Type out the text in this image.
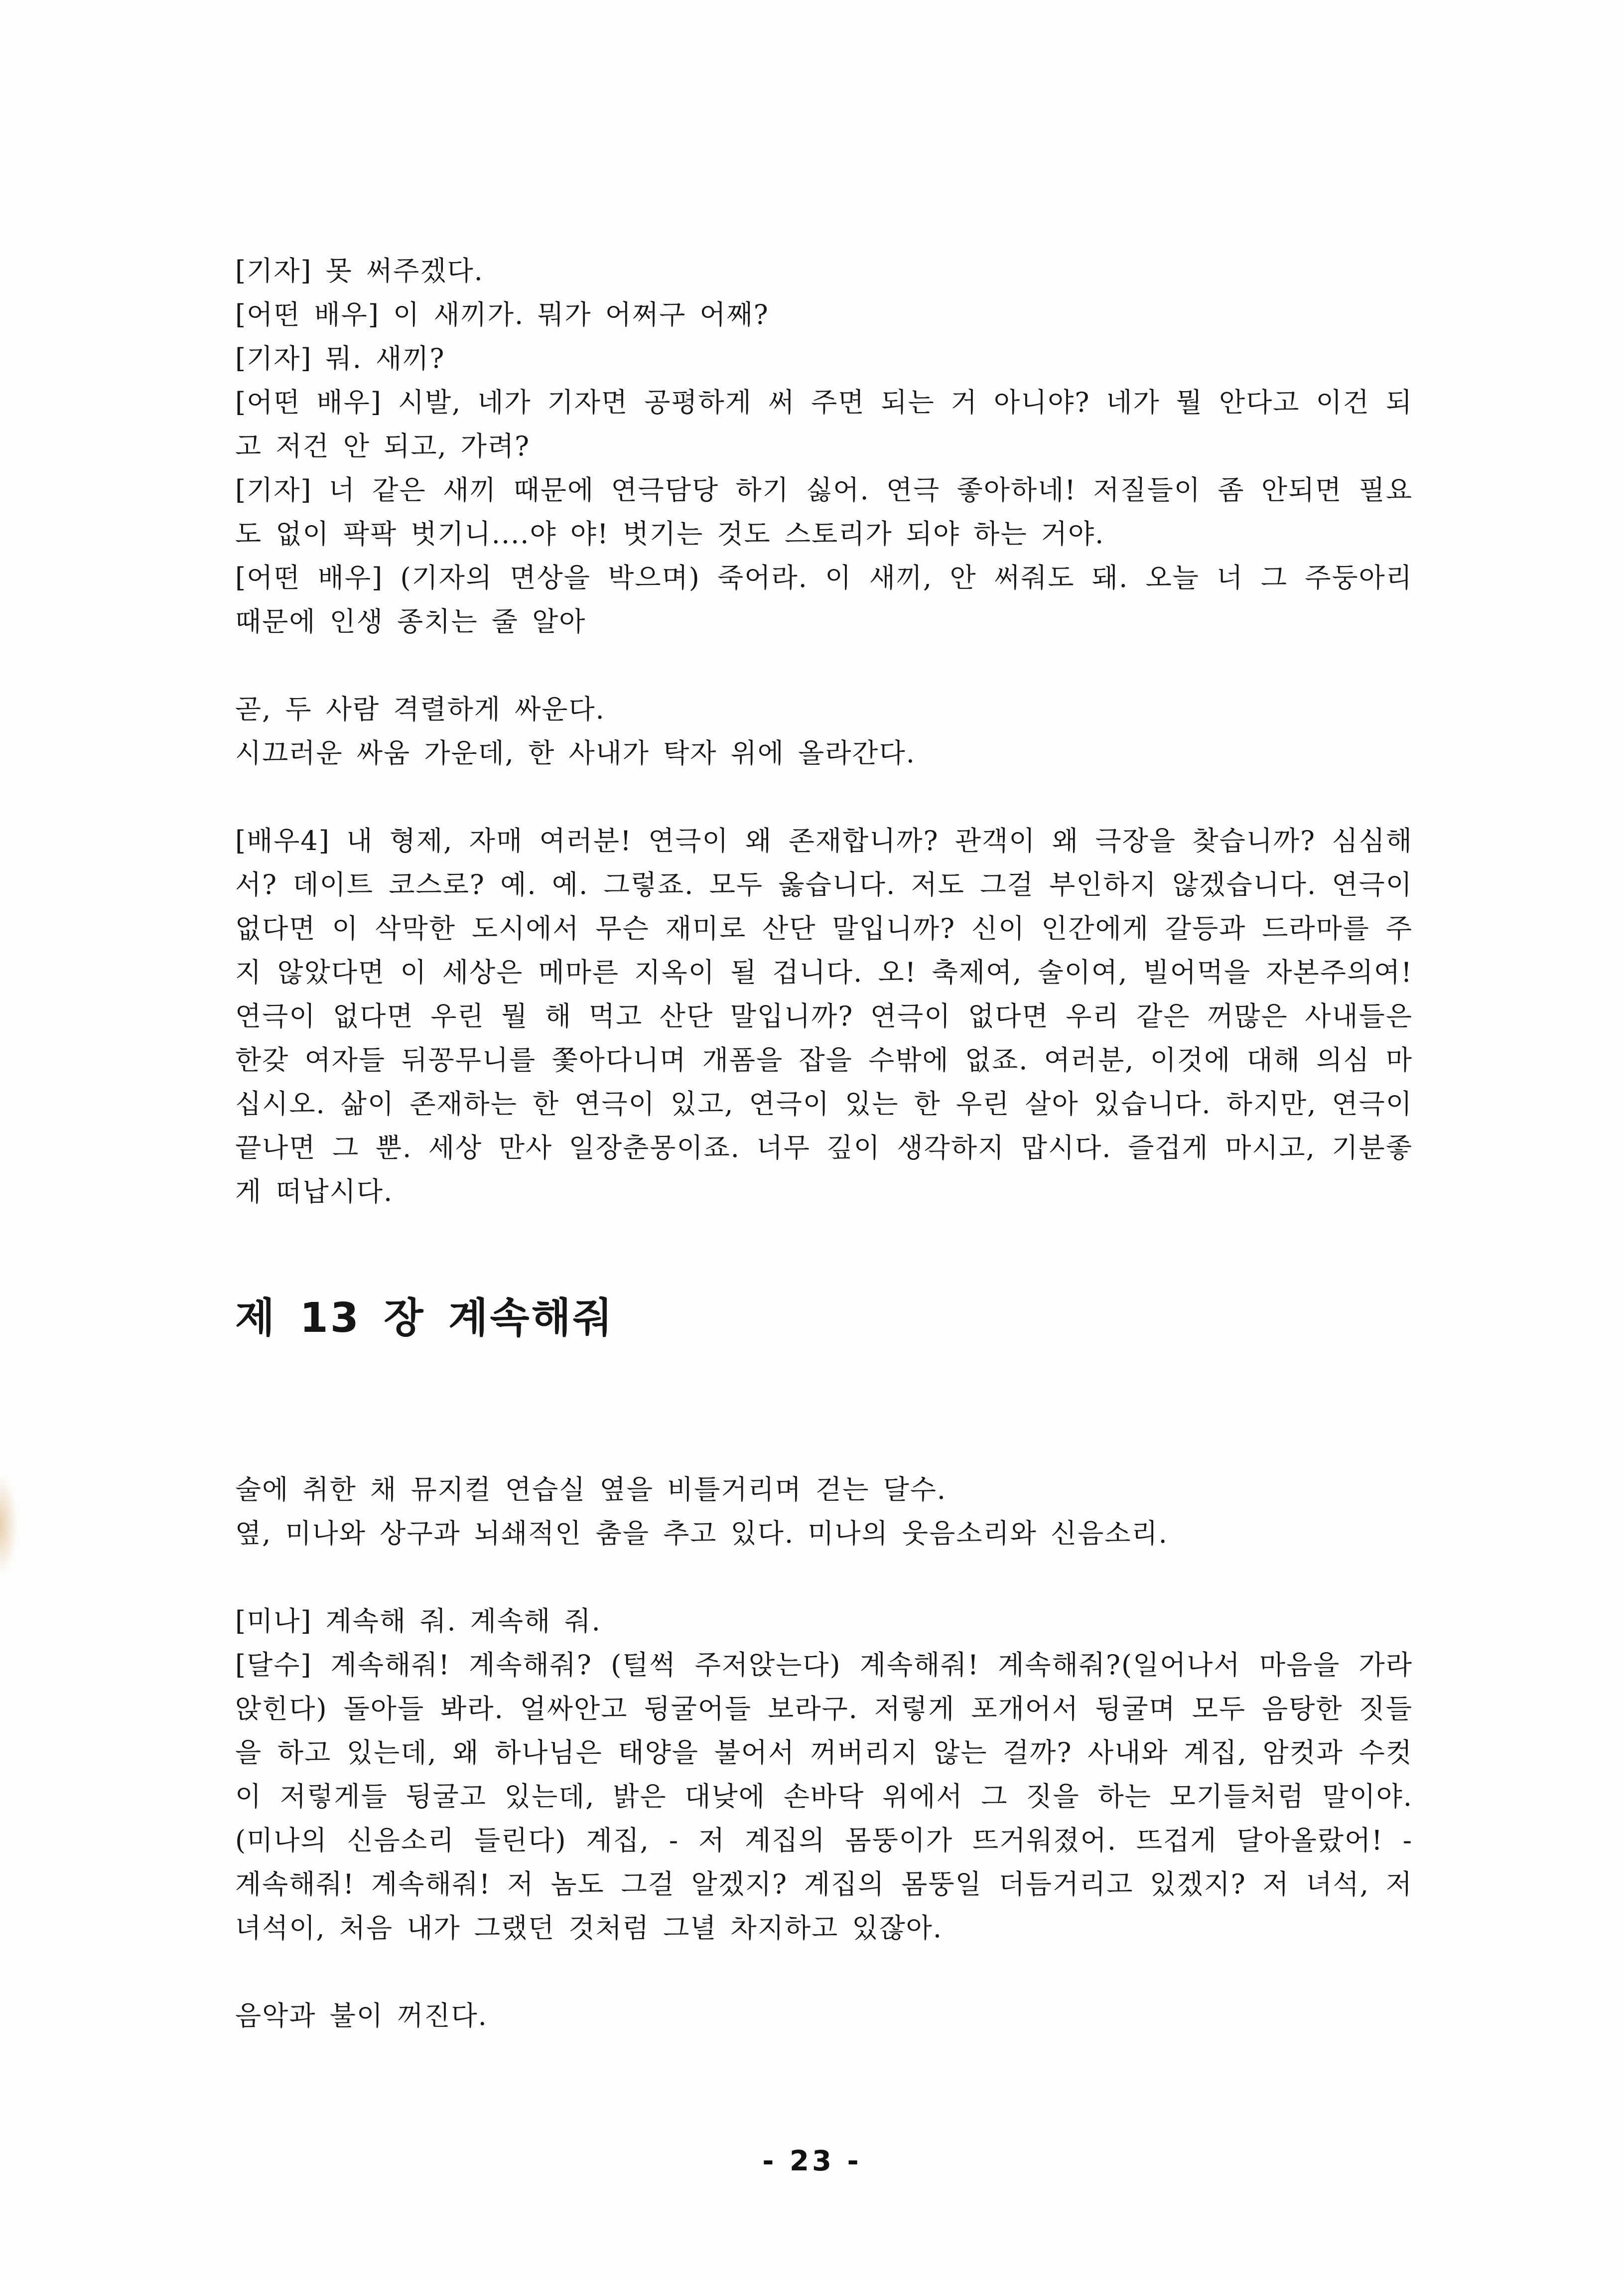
[기자] 못 써주겠다.
[어떤 배우] 이 새끼가. 뭐가 어쩌구 어째?
[기자] 뭐. 새끼?
[어떤 배우] 시발, 네가 기자면 공평하게 써 주면 되는 거 아니야? 네가 뭘 안다고 이건 되
고 저건 안 되고, 가려?
[기자] 너 같은 새끼 때문에 연극담당 하기 싫어. 연극 좋아하네! 저질들이 좀 안되면 필요
도 없이 팍팍 벗기니....야 야! 벗기는 것도 스토리가 되야 하는 거야.
[어떤 배우] (기자의 면상을 박으며) 죽어라. 이 새끼, 안 써줘도 돼. 오늘 너 그 주둥아리
때문에 인생 종치는 줄 알아
곧, 두 사람 격렬하게 싸운다.
시끄러운 싸움 가운데, 한 사내가 탁자 위에 올라간다.
[배우4] 내 형제, 자매 여러분! 연극이 왜 존재합니까? 관객이 왜 극장을 찾습니까? 심심해
서? 데이트 코스로? 예. 예. 그렇죠. 모두 옳습니다. 저도 그걸 부인하지 않겠습니다. 연극이
없다면 이 삭막한 도시에서 무슨 재미로 산단 말입니까? 신이 인간에게 갈등과 드라마를 주
지 않았다면 이 세상은 메마른 지옥이 될 겁니다. 오! 축제여, 술이여, 빌어먹을 자본주의여!
연극이 없다면 우린 뭘 해 먹고 산단 말입니까? 연극이 없다면 우리 같은 꺼많은 사내들은
한갖 여자들 뒤꽁무니를 쫓아다니며 개폼을 잡을 수밖에 없죠. 여러분, 이것에 대해 의심 마
십시오. 삶이 존재하는 한 연극이 있고, 연극이 있는 한 우린 살아 있습니다. 하지만, 연극이
끝나면 그 뿐. 세상 만사 일장춘몽이죠. 너무 깊이 생각하지 맙시다. 즐겁게 마시고, 기분좋
게 떠납시다.
제 13 장 계속해줘
술에 취한 채 뮤지컬 연습실 옆을 비틀거리며 걷는 달수.
옆, 미나와 상구과 뇌쇄적인 춤을 추고 있다. 미나의 웃음소리와 신음소리.
[미나] 계속해 줘. 계속해 줘.
[달수] 계속해줘! 계속해줘? (털썩 주저앉는다) 계속해줘! 계속해줘?(일어나서 마음을 가라
앉힌다) 돌아들 봐라. 얼싸안고 뒹굴어들 보라구. 저렇게 포개어서 뒹굴며 모두 음탕한 짓들
을 하고 있는데, 왜 하나님은 태양을 불어서 꺼버리지 않는 걸까? 사내와 계집, 암컷과 수컷
이 저렇게들 뒹굴고 있는데, 밝은 대낮에 손바닥 위에서 그 짓을 하는 모기들처럼 말이야.
(미나의 신음소리 들린다) 계집, - 저 계집의 몸뚱이가 뜨거워졌어. 뜨겁게 달아올랐어! -
계속해줘! 계속해줘! 저 놈도 그걸 알겠지? 계집의 몸뚱일 더듬거리고 있겠지? 저 녀석, 저
녀석이, 처음 내가 그랬던 것처럼 그녈 차지하고 있잖아.
음악과 불이 꺼진다.
- 23 -
